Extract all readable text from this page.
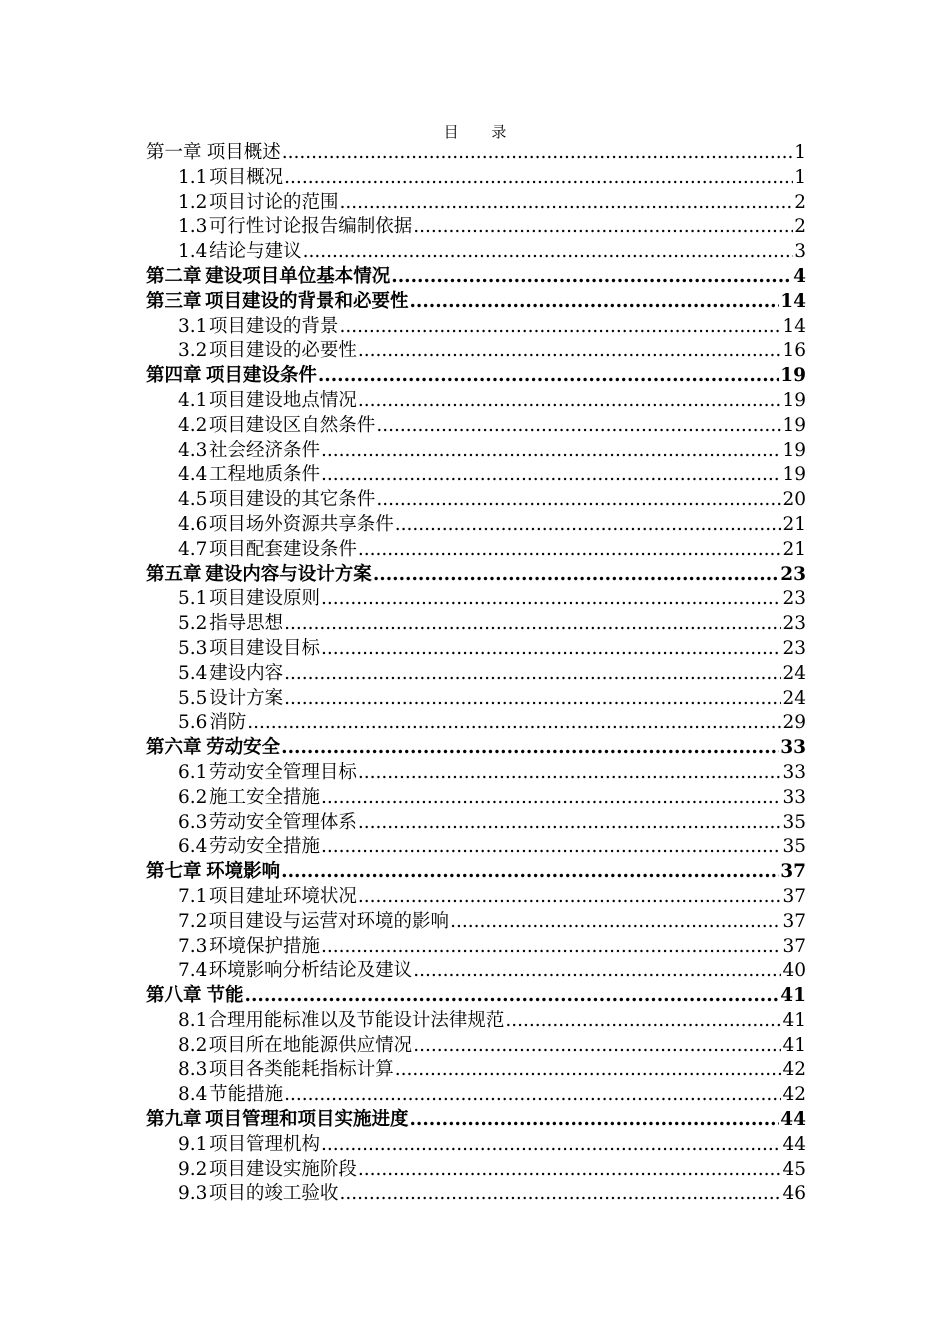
目 录
第一章 项目概述 .....	1
1.1 项目概况 .....	1
1.2 项目讨论的范围 .....	2
1.3 可行性讨论报告编制依据 .....	2
1.4 结论与建议 .....	3
第二章 建设项目单位基本情况 .....	4
第三章 项目建设的背景和必要性 .....	14
3.1 项目建设的背景 .....	14
3.2 项目建设的必要性 .....	16
第四章 项目建设条件 .....	19
4.1 项目建设地点情况 .....	19
4.2 项目建设区自然条件 .....	19
4.3 社会经济条件 .....	19
4.4 工程地质条件 .....	19
4.5 项目建设的其它条件 .....	20
4.6 项目场外资源共享条件 .....	21
4.7 项目配套建设条件 .....	21
第五章 建设内容与设计方案 .....	23
5.1 项目建设原则 .....	23
5.2 指导思想 .....	23
5.3 项目建设目标 .....	23
5.4 建设内容 .....	24
5.5 设计方案 .....	24
5.6 消防 .....	29
第六章 劳动安全 .....	33
6.1 劳动安全管理目标 .....	33
6.2 施工安全措施 .....	33
6.3 劳动安全管理体系 .....	35
6.4 劳动安全措施 .....	35
第七章 环境影响 .....	37
7.1 项目建址环境状况 .....	37
7.2 项目建设与运营对环境的影响 .....	37
7.3 环境保护措施 .....	37
7.4 环境影响分析结论及建议 .....	40
第八章 节能 .....	41
8.1 合理用能标准以及节能设计法律规范 .....	41
8.2 项目所在地能源供应情况 .....	41
8.3 项目各类能耗指标计算 .....	42
8.4 节能措施 .....	42
第九章 项目管理和项目实施进度 .....	44
9.1 项目管理机构 .....	44
9.2 项目建设实施阶段 .....	45
9.3 项目的竣工验收 .....	46
